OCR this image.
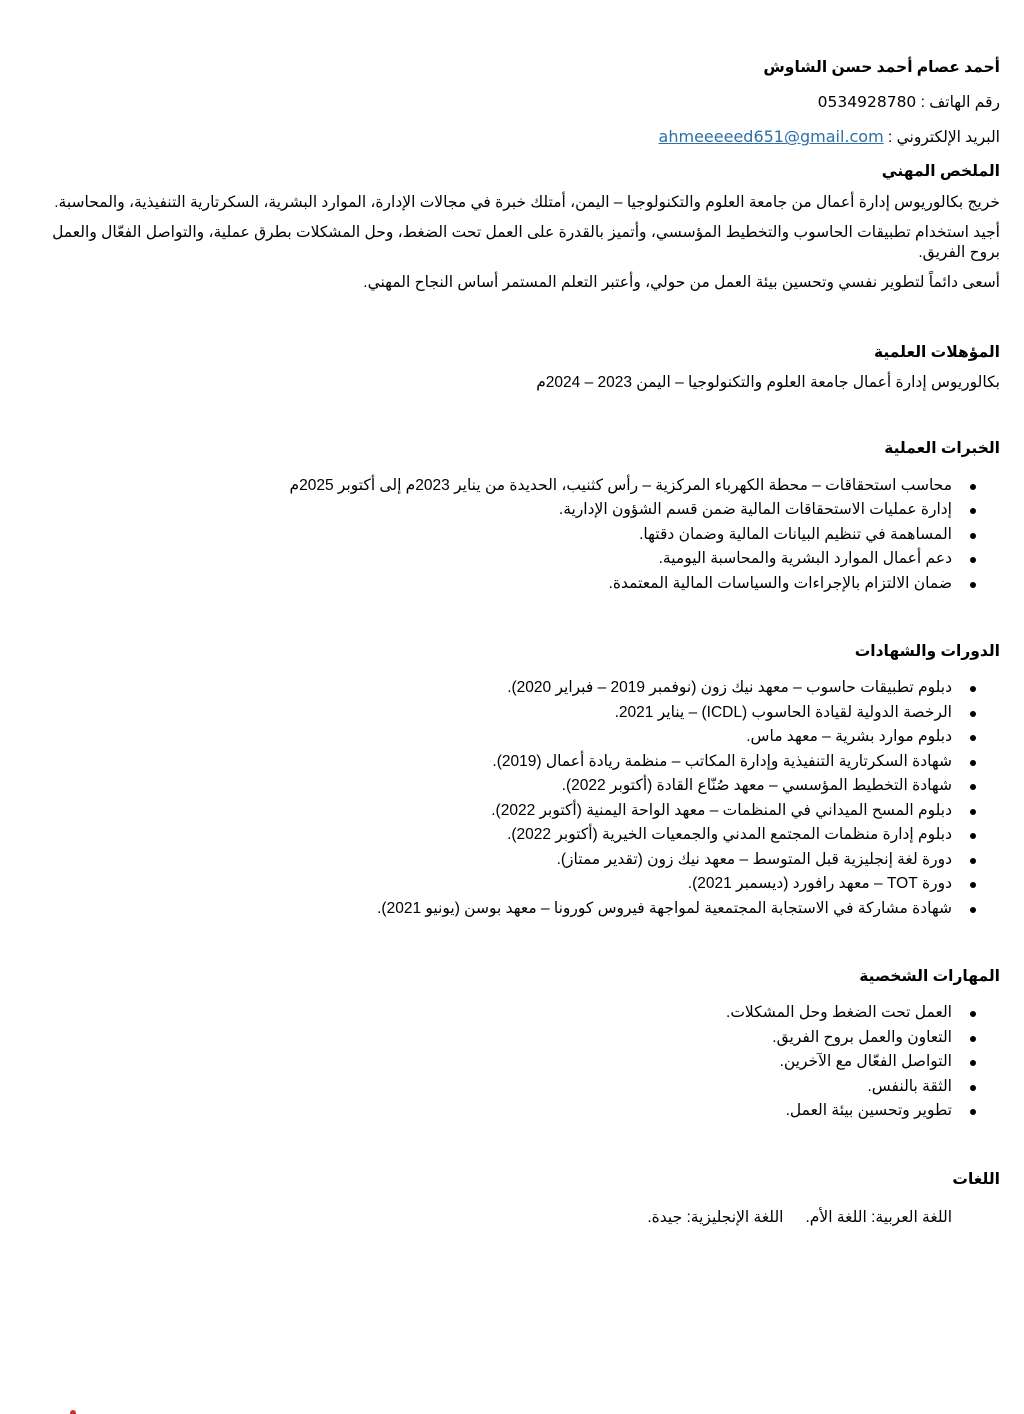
أحمد عصام أحمد حسن الشاوش

رقم الهاتف : 0534928780

البريد الإلكتروني : ahmeeeeed651@gmail.com

الملخص المهني

خريج بكالوريوس إدارة أعمال من جامعة العلوم والتكنولوجيا – اليمن، أمتلك خبرة في مجالات الإدارة، الموارد البشرية، السكرتارية التنفيذية، والمحاسبة.

أجيد استخدام تطبيقات الحاسوب والتخطيط المؤسسي، وأتميز بالقدرة على العمل تحت الضغط، وحل المشكلات بطرق عملية، والتواصل الفعّال والعمل بروح الفريق.

أسعى دائماً لتطوير نفسي وتحسين بيئة العمل من حولي، وأعتبر التعلم المستمر أساس النجاح المهني.

المؤهلات العلمية

بكالوريوس إدارة أعمال جامعة العلوم والتكنولوجيا – اليمن 2023 – 2024م

الخبرات العملية
محاسب استحقاقات – محطة الكهرباء المركزية – رأس كثنيب، الحديدة من يناير 2023م إلى أكتوبر 2025م
إدارة عمليات الاستحقاقات المالية ضمن قسم الشؤون الإدارية.
المساهمة في تنظيم البيانات المالية وضمان دقتها.
دعم أعمال الموارد البشرية والمحاسبة اليومية.
ضمان الالتزام بالإجراءات والسياسات المالية المعتمدة.
الدورات والشهادات
دبلوم تطبيقات حاسوب – معهد نيك زون (نوفمبر 2019 – فبراير 2020).
الرخصة الدولية لقيادة الحاسوب (ICDL) – يناير 2021.
دبلوم موارد بشرية – معهد ماس.
شهادة السكرتارية التنفيذية وإدارة المكاتب – منظمة ريادة أعمال (2019).
شهادة التخطيط المؤسسي – معهد صُنّاع القادة (أكتوبر 2022).
دبلوم المسح الميداني في المنظمات – معهد الواحة اليمنية (أكتوبر 2022).
دبلوم إدارة منظمات المجتمع المدني والجمعيات الخيرية (أكتوبر 2022).
دورة لغة إنجليزية قبل المتوسط – معهد نيك زون (تقدير ممتاز).
دورة TOT – معهد رافورد (ديسمبر 2021).
شهادة مشاركة في الاستجابة المجتمعية لمواجهة فيروس كورونا – معهد بوسن (يونيو 2021).
المهارات الشخصية
العمل تحت الضغط وحل المشكلات.
التعاون والعمل بروح الفريق.
التواصل الفعّال مع الآخرين.
الثقة بالنفس.
تطوير وتحسين بيئة العمل.
اللغات

اللغة العربية: اللغة الأم.اللغة الإنجليزية: جيدة.
